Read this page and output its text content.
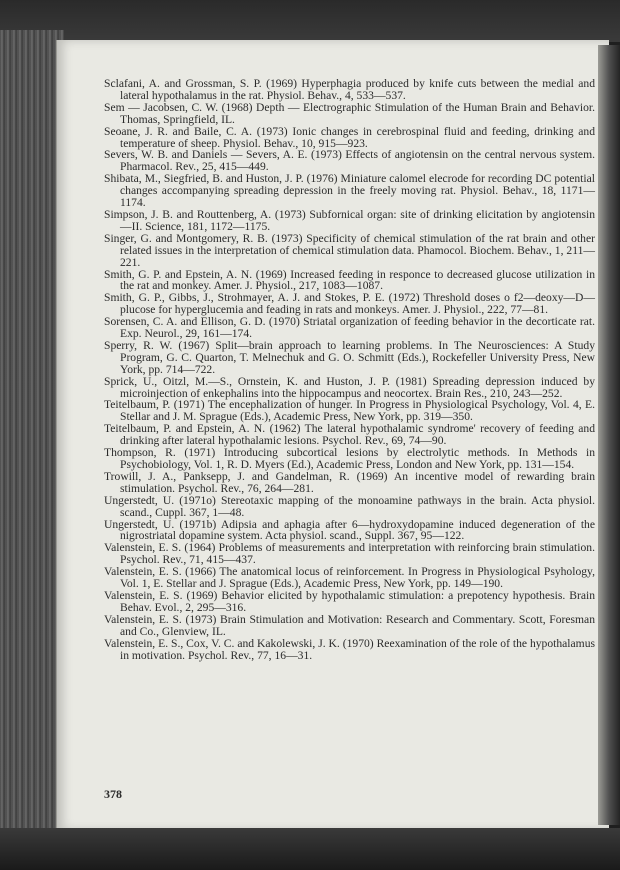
Sclafani, A. and Grossman, S. P. (1969) Hyperphagia produced by knife cuts between the medial and lateral hypothalamus in the rat. Physiol. Behav., 4, 533—537.

Sem — Jacobsen, C. W. (1968) Depth — Electrographic Stimulation of the Human Brain and Behavior. Thomas, Springfield, IL.

Seoane, J. R. and Baile, C. A. (1973) Ionic changes in cerebrospinal fluid and feeding, drinking and temperature of sheep. Physiol. Behav., 10, 915—923.

Severs, W. B. and Daniels — Severs, A. E. (1973) Effects of angiotensin on the central nervous system. Pharmacol. Rev., 25, 415—449.

Shibata, M., Siegfried, B. and Huston, J. P. (1976) Miniature calomel elecrode for recording DC potential changes accompanying spreading depression in the freely moving rat. Physiol. Behav., 18, 1171—1174.

Simpson, J. B. and Routtenberg, A. (1973) Subfornical organ: site of drinking elicitation by angiotensin—II. Science, 181, 1172—1175.

Singer, G. and Montgomery, R. B. (1973) Specificity of chemical stimulation of the rat brain and other related issues in the interpretation of chemical stimulation data. Phamocol. Biochem. Behav., 1, 211—221.

Smith, G. P. and Epstein, A. N. (1969) Increased feeding in responce to decreased glucose utilization in the rat and monkey. Amer. J. Physiol., 217, 1083—1087.

Smith, G. P., Gibbs, J., Strohmayer, A. J. and Stokes, P. E. (1972) Threshold doses o f2—deoxy—D—plucose for hyperglucemia and feading in rats and monkeys. Amer. J. Physiol., 222, 77—81.

Sorensen, C. A. and Ellison, G. D. (1970) Striatal organization of feeding behavior in the decorticate rat. Exp. Neurol., 29, 161—174.

Sperry, R. W. (1967) Split—brain approach to learning problems. In The Neurosciences: A Study Program, G. C. Quarton, T. Melnechuk and G. O. Schmitt (Eds.), Rockefeller University Press, New York, pp. 714—722.

Sprick, U., Oitzl, M.—S., Ornstein, K. and Huston, J. P. (1981) Spreading depression induced by microinjection of enkephalins into the hippocampus and neocortex. Brain Res., 210, 243—252.

Teitelbaum, P. (1971) The encephalization of hunger. In Progress in Physiological Psychology, Vol. 4, E. Stellar and J. M. Sprague (Eds.), Academic Press, New York, pp. 319—350.

Teitelbaum, P. and Epstein, A. N. (1962) The lateral hypothalamic syndrome' recovery of feeding and drinking after lateral hypothalamic lesions. Psychol. Rev., 69, 74—90.

Thompson, R. (1971) Introducing subcortical lesions by electrolytic methods. In Methods in Psychobiology, Vol. 1, R. D. Myers (Ed.), Academic Press, London and New York, pp. 131—154.

Trowill, J. A., Panksepp, J. and Gandelman, R. (1969) An incentive model of rewarding brain stimulation. Psychol. Rev., 76, 264—281.

Ungerstedt, U. (1971o) Stereotaxic mapping of the monoamine pathways in the brain. Acta physiol. scand., Cuppl. 367, 1—48.

Ungerstedt, U. (1971b) Adipsia and aphagia after 6—hydroxydopamine induced degeneration of the nigrostriatal dopamine system. Acta physiol. scand., Suppl. 367, 95—122.

Valenstein, E. S. (1964) Problems of measurements and interpretation with reinforcing brain stimulation. Psychol. Rev., 71, 415—437.

Valenstein, E. S. (1966) The anatomical locus of reinforcement. In Progress in Physiological Psyhology, Vol. 1, E. Stellar and J. Sprague (Eds.), Academic Press, New York, pp. 149—190.

Valenstein, E. S. (1969) Behavior elicited by hypothalamic stimulation: a prepotency hypothesis. Brain Behav. Evol., 2, 295—316.

Valenstein, E. S. (1973) Brain Stimulation and Motivation: Research and Commentary. Scott, Foresman and Co., Glenview, IL.

Valenstein, E. S., Cox, V. C. and Kakolewski, J. K. (1970) Reexamination of the role of the hypothalamus in motivation. Psychol. Rev., 77, 16—31.

378
